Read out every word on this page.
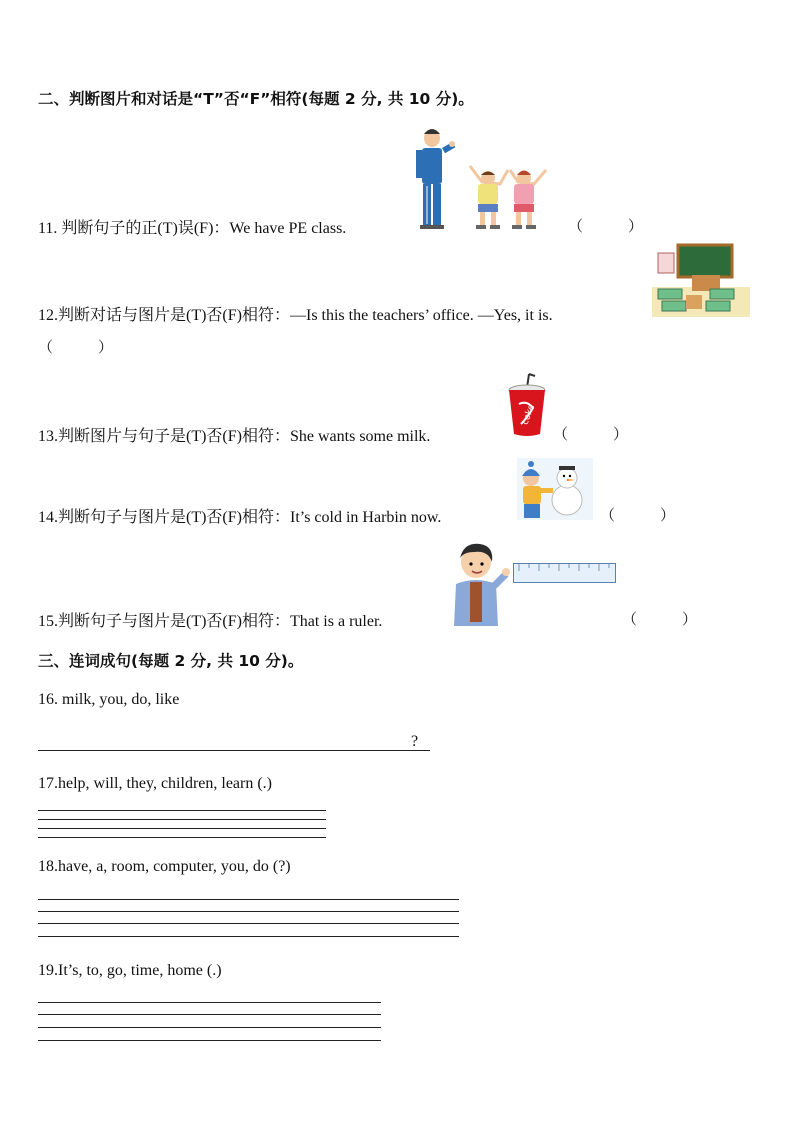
二、判断图片和对话是“T”否“F”相符(每题 2 分, 共 10 分)。
11. 判断句子的正(T)误(F)：We have PE class.	（　　　）
12.判断对话与图片是(T)否(F)相符：—Is this the teachers’ office. —Yes, it is.
（　　　）
13.判断图片与句子是(T)否(F)相符：She wants some milk.	（　　　）
coke
14.判断句子与图片是(T)否(F)相符：It’s cold in Harbin now.	（　　　）
15.判断句子与图片是(T)否(F)相符：That is a ruler.	（　　　）
三、连词成句(每题 2 分, 共 10 分)。
16. milk, you, do, like
?
17.help, will, they, children, learn (.)
18.have, a, room, computer, you, do (?)
19.It’s, to, go, time, home (.)
